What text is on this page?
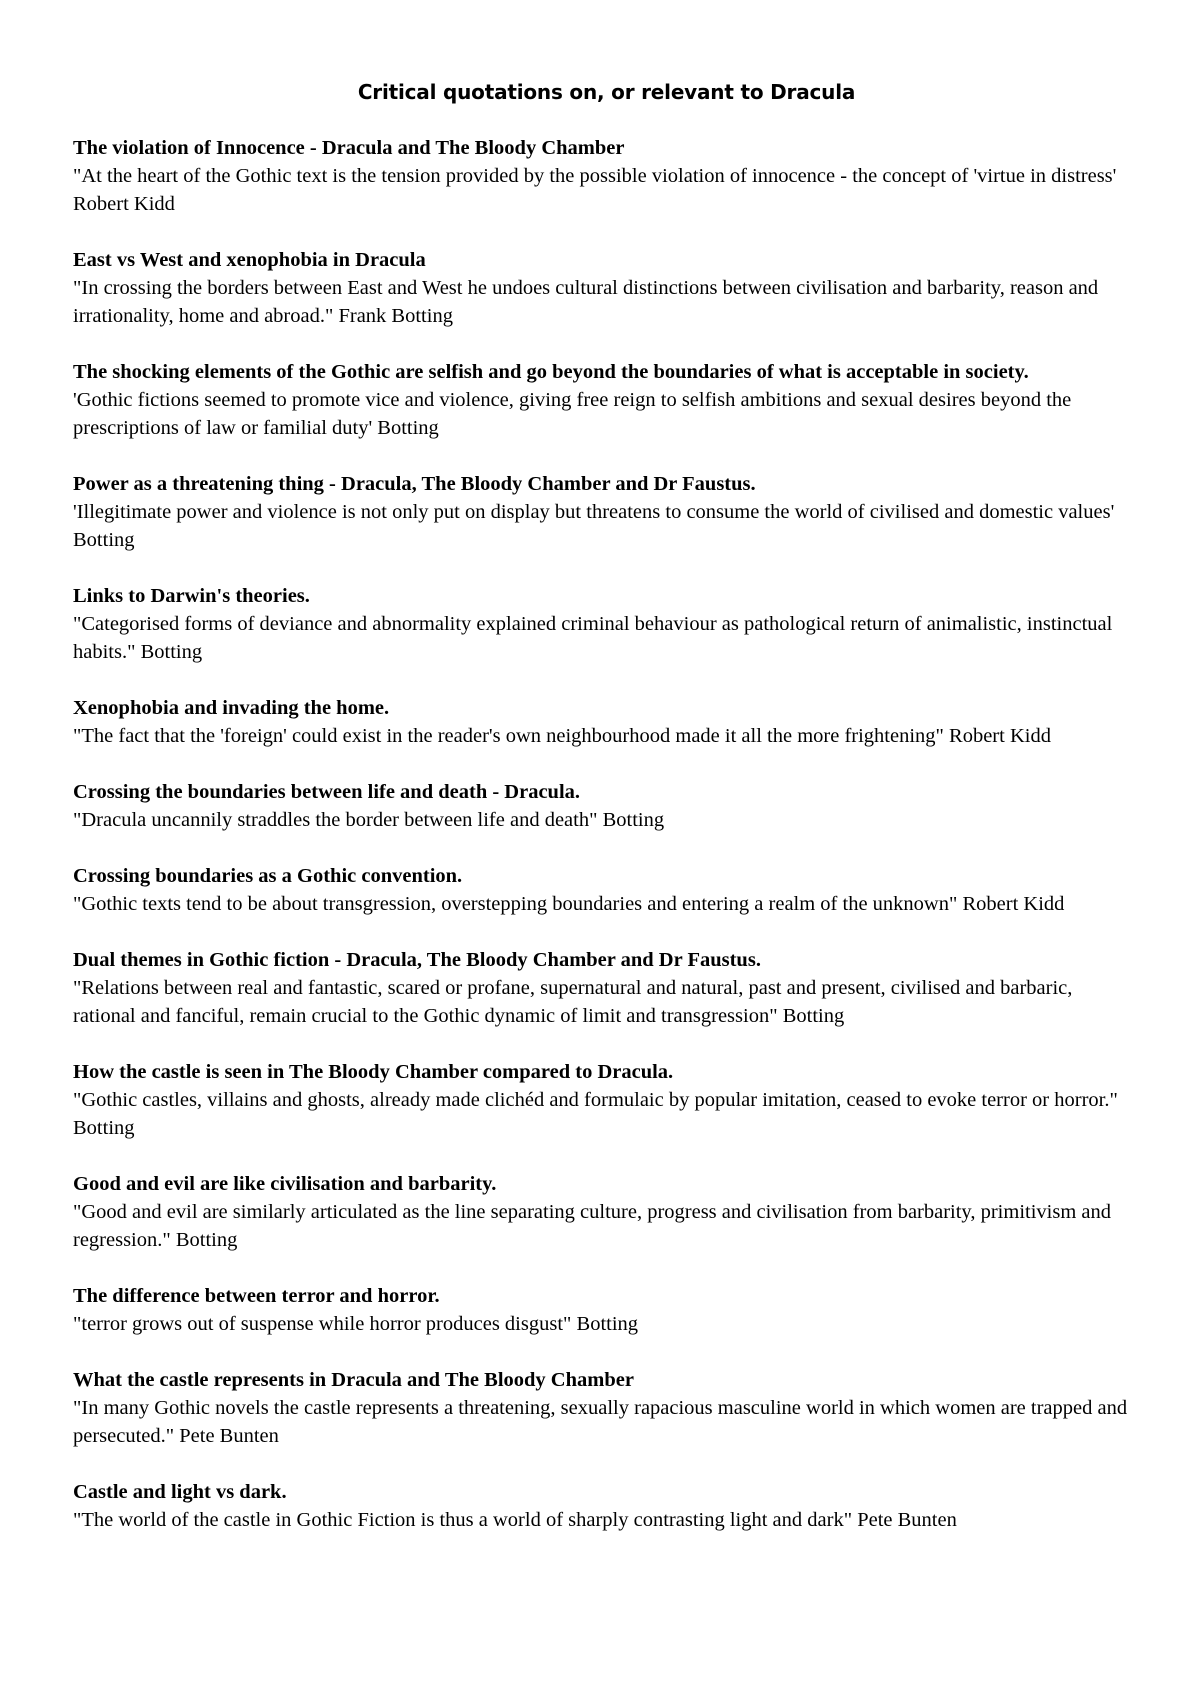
Critical quotations on, or relevant to Dracula

The violation of Innocence - Dracula and The Bloody Chamber

"At the heart of the Gothic text is the tension provided by the possible violation of innocence - the concept of 'virtue in distress' Robert Kidd

East vs West and xenophobia in Dracula

"In crossing the borders between East and West he undoes cultural distinctions between civilisation and barbarity, reason and irrationality, home and abroad." Frank Botting

The shocking elements of the Gothic are selfish and go beyond the boundaries of what is acceptable in society.

'Gothic fictions seemed to promote vice and violence, giving free reign to selfish ambitions and sexual desires beyond the prescriptions of law or familial duty' Botting

Power as a threatening thing - Dracula, The Bloody Chamber and Dr Faustus.

'Illegitimate power and violence is not only put on display but threatens to consume the world of civilised and domestic values' Botting

Links to Darwin's theories.

"Categorised forms of deviance and abnormality explained criminal behaviour as pathological return of animalistic, instinctual habits." Botting

Xenophobia and invading the home.

"The fact that the 'foreign' could exist in the reader's own neighbourhood made it all the more frightening" Robert Kidd

Crossing the boundaries between life and death - Dracula.

"Dracula uncannily straddles the border between life and death" Botting

Crossing boundaries as a Gothic convention.

"Gothic texts tend to be about transgression, overstepping boundaries and entering a realm of the unknown" Robert Kidd

Dual themes in Gothic fiction - Dracula, The Bloody Chamber and Dr Faustus.

"Relations between real and fantastic, scared or profane, supernatural and natural, past and present, civilised and barbaric, rational and fanciful, remain crucial to the Gothic dynamic of limit and transgression" Botting

How the castle is seen in The Bloody Chamber compared to Dracula.

"Gothic castles, villains and ghosts, already made clichéd and formulaic by popular imitation, ceased to evoke terror or horror." Botting

Good and evil are like civilisation and barbarity.

"Good and evil are similarly articulated as the line separating culture, progress and civilisation from barbarity, primitivism and regression." Botting

The difference between terror and horror.

"terror grows out of suspense while horror produces disgust" Botting

What the castle represents in Dracula and The Bloody Chamber

"In many Gothic novels the castle represents a threatening, sexually rapacious masculine world in which women are trapped and persecuted." Pete Bunten

Castle and light vs dark.

"The world of the castle in Gothic Fiction is thus a world of sharply contrasting light and dark" Pete Bunten
